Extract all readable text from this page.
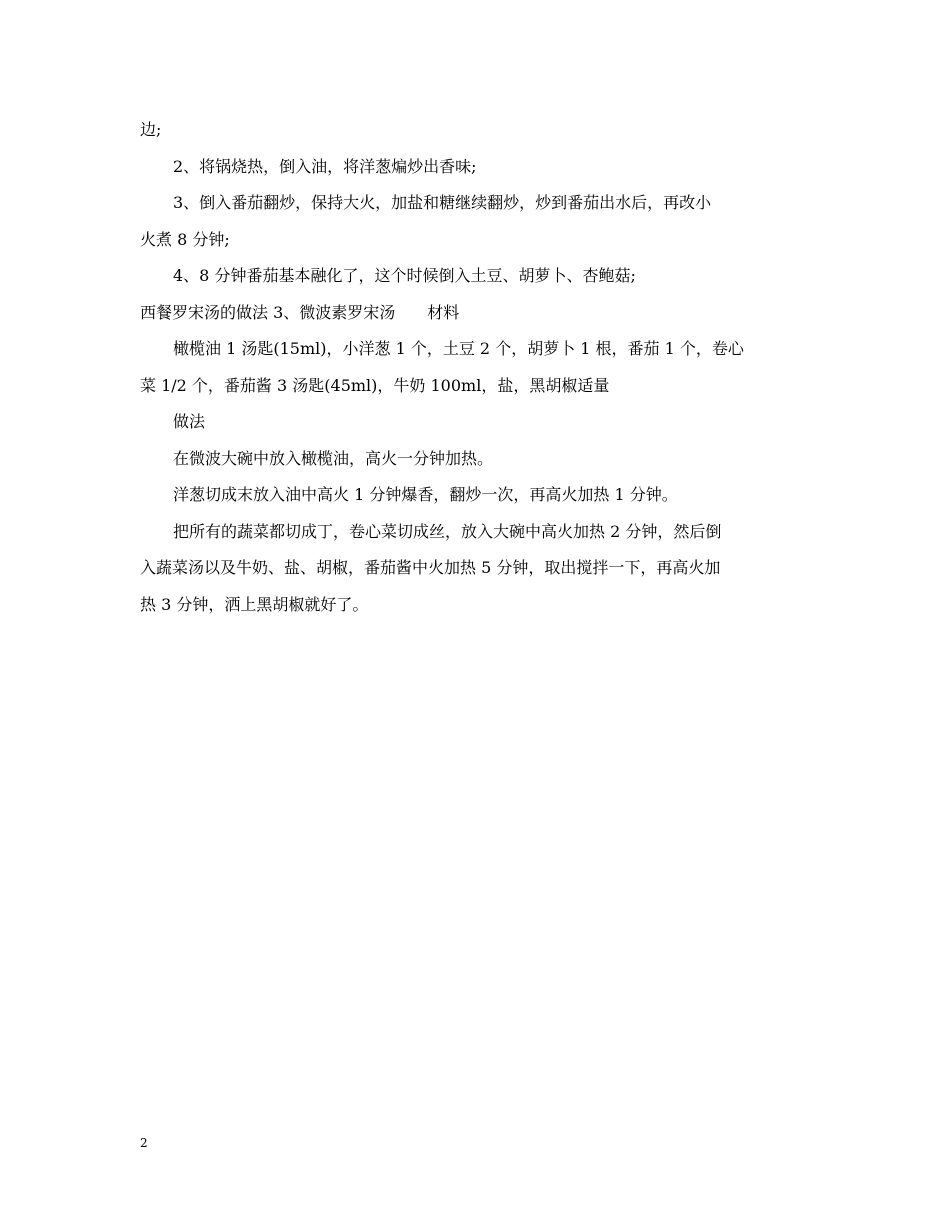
边;

2、将锅烧热，倒入油，将洋葱煸炒出香味;

3、倒入番茄翻炒，保持大火，加盐和糖继续翻炒，炒到番茄出水后，再改小

火煮 8 分钟;

4、8 分钟番茄基本融化了，这个时候倒入土豆、胡萝卜、杏鲍菇;

西餐罗宋汤的做法 3、微波素罗宋汤　　材料

橄榄油 1 汤匙(15ml)，小洋葱 1 个，土豆 2 个，胡萝卜 1 根，番茄 1 个，卷心

菜 1/2 个，番茄酱 3 汤匙(45ml)，牛奶 100ml，盐，黑胡椒适量

做法

在微波大碗中放入橄榄油，高火一分钟加热。

洋葱切成末放入油中高火 1 分钟爆香，翻炒一次，再高火加热 1 分钟。

把所有的蔬菜都切成丁，卷心菜切成丝，放入大碗中高火加热 2 分钟，然后倒

入蔬菜汤以及牛奶、盐、胡椒，番茄酱中火加热 5 分钟，取出搅拌一下，再高火加

热 3 分钟，洒上黑胡椒就好了。

2
